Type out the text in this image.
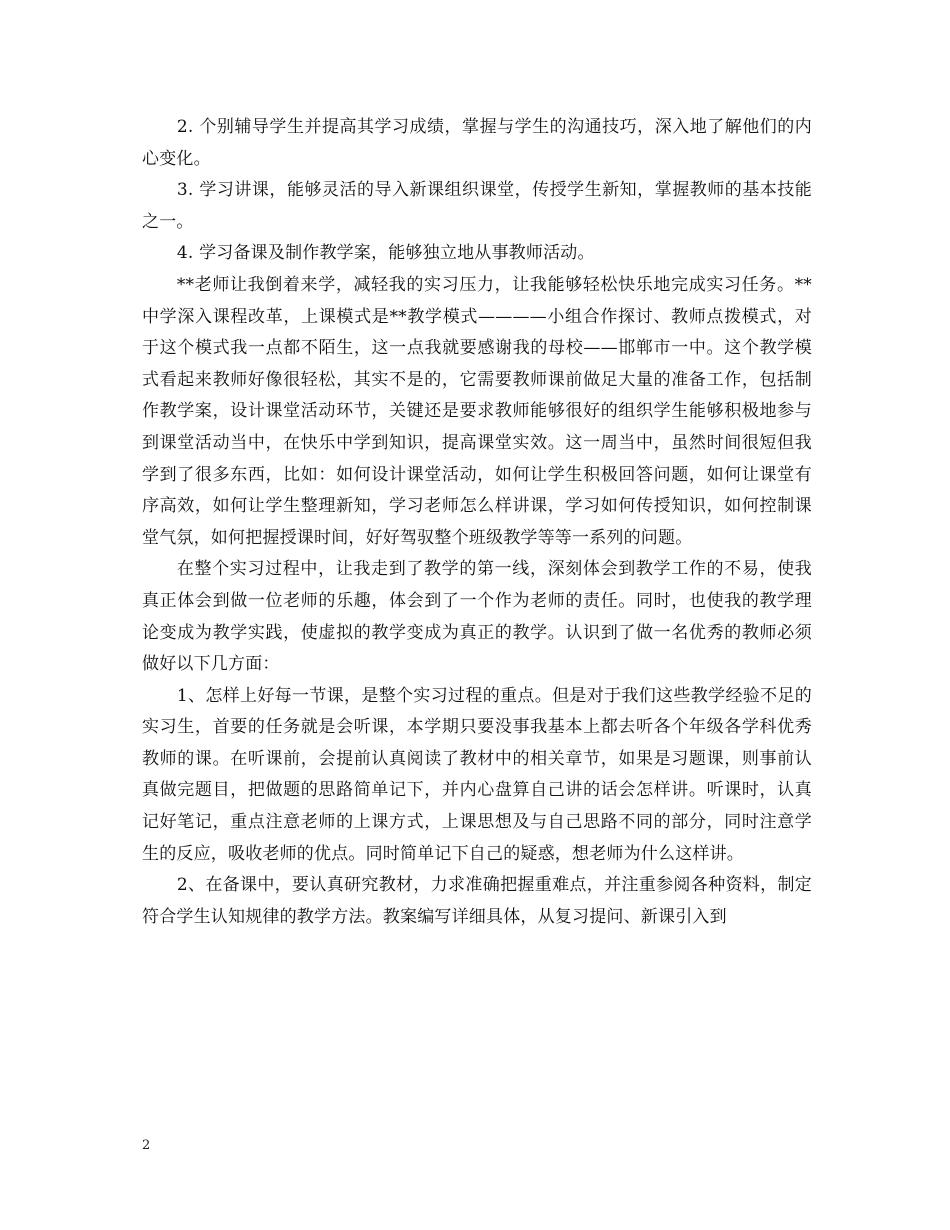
2. 个别辅导学生并提高其学习成绩，掌握与学生的沟通技巧，深入地了解他们的内心变化。

3. 学习讲课，能够灵活的导入新课组织课堂，传授学生新知，掌握教师的基本技能之一。

4. 学习备课及制作教学案，能够独立地从事教师活动。

**老师让我倒着来学，减轻我的实习压力，让我能够轻松快乐地完成实习任务。**中学深入课程改革，上课模式是**教学模式————小组合作探讨、教师点拨模式，对于这个模式我一点都不陌生，这一点我就要感谢我的母校——邯郸市一中。这个教学模式看起来教师好像很轻松，其实不是的，它需要教师课前做足大量的准备工作，包括制作教学案，设计课堂活动环节，关键还是要求教师能够很好的组织学生能够积极地参与到课堂活动当中，在快乐中学到知识，提高课堂实效。这一周当中，虽然时间很短但我学到了很多东西，比如：如何设计课堂活动，如何让学生积极回答问题，如何让课堂有序高效，如何让学生整理新知，学习老师怎么样讲课，学习如何传授知识，如何控制课堂气氛，如何把握授课时间，好好驾驭整个班级教学等等一系列的问题。

在整个实习过程中，让我走到了教学的第一线，深刻体会到教学工作的不易，使我真正体会到做一位老师的乐趣，体会到了一个作为老师的责任。同时，也使我的教学理论变成为教学实践，使虚拟的教学变成为真正的教学。认识到了做一名优秀的教师必须做好以下几方面：

1、怎样上好每一节课，是整个实习过程的重点。但是对于我们这些教学经验不足的实习生，首要的任务就是会听课，本学期只要没事我基本上都去听各个年级各学科优秀教师的课。在听课前，会提前认真阅读了教材中的相关章节，如果是习题课，则事前认真做完题目，把做题的思路简单记下，并内心盘算自己讲的话会怎样讲。听课时，认真记好笔记，重点注意老师的上课方式，上课思想及与自己思路不同的部分，同时注意学生的反应，吸收老师的优点。同时简单记下自己的疑惑，想老师为什么这样讲。

2、在备课中，要认真研究教材，力求准确把握重难点，并注重参阅各种资料，制定符合学生认知规律的教学方法。教案编写详细具体，从复习提问、新课引入到

2
